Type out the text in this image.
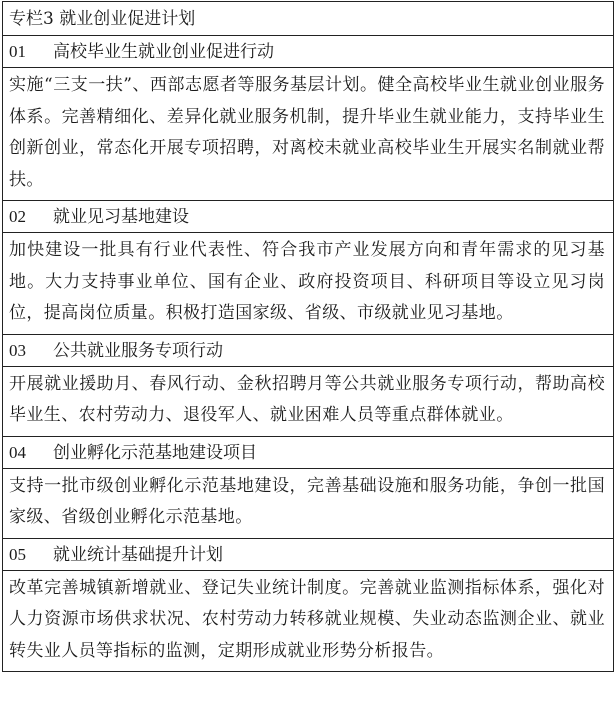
专栏3 就业创业促进计划
01 高校毕业生就业创业促进行动
实施“三支一扶”、西部志愿者等服务基层计划。健全高校毕业生就业创业服务体系。完善精细化、差异化就业服务机制，提升毕业生就业能力，支持毕业生创新创业，常态化开展专项招聘，对离校未就业高校毕业生开展实名制就业帮扶。
02 就业见习基地建设
加快建设一批具有行业代表性、符合我市产业发展方向和青年需求的见习基地。大力支持事业单位、国有企业、政府投资项目、科研项目等设立见习岗位，提高岗位质量。积极打造国家级、省级、市级就业见习基地。
03 公共就业服务专项行动
开展就业援助月、春风行动、金秋招聘月等公共就业服务专项行动，帮助高校毕业生、农村劳动力、退役军人、就业困难人员等重点群体就业。
04 创业孵化示范基地建设项目
支持一批市级创业孵化示范基地建设，完善基础设施和服务功能，争创一批国家级、省级创业孵化示范基地。
05 就业统计基础提升计划
改革完善城镇新增就业、登记失业统计制度。完善就业监测指标体系，强化对人力资源市场供求状况、农村劳动力转移就业规模、失业动态监测企业、就业转失业人员等指标的监测，定期形成就业形势分析报告。
